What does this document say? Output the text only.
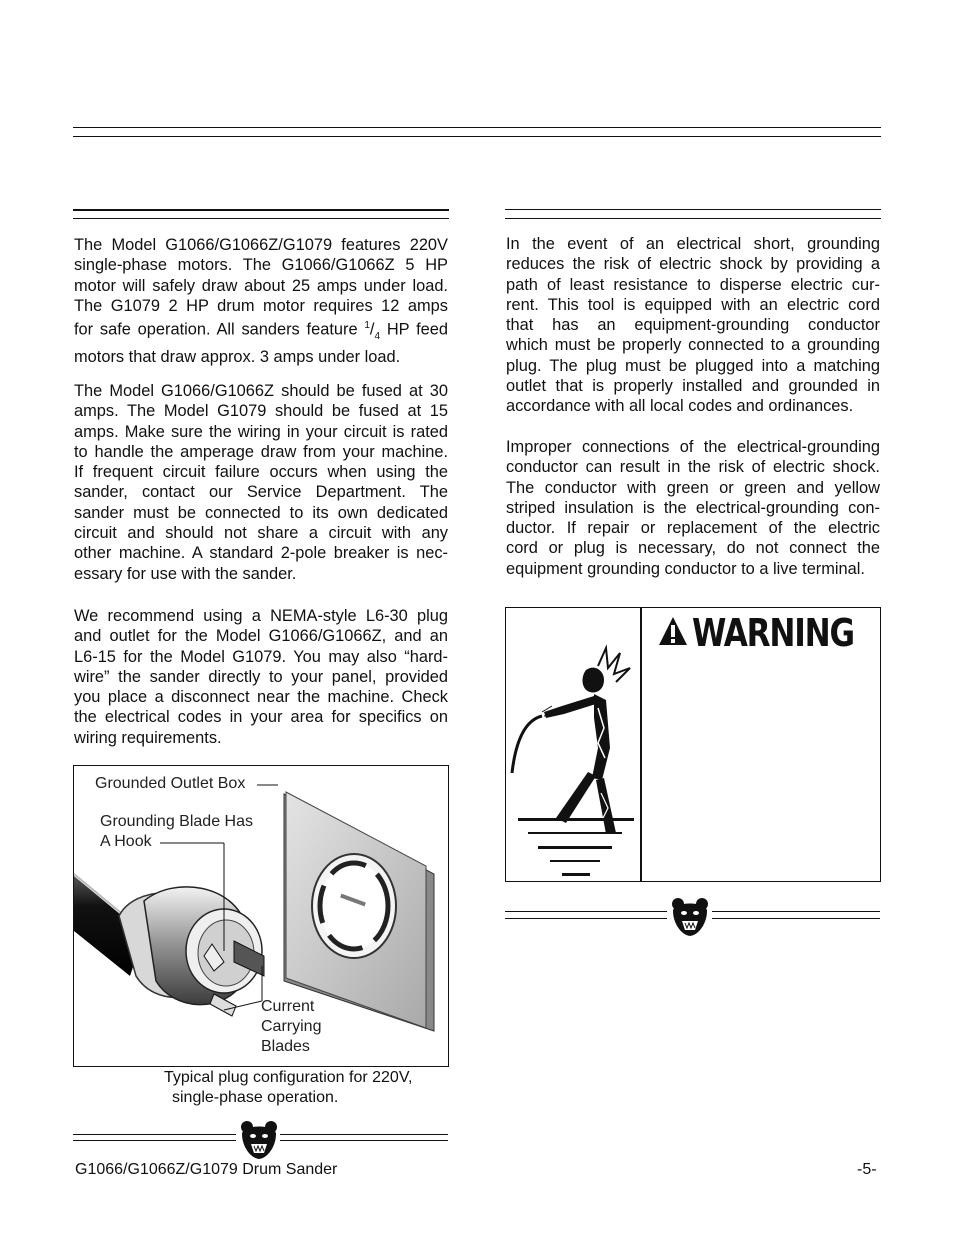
The Model G1066/G1066Z/G1079 features 220V
single-phase motors. The G1066/G1066Z 5 HP
motor will safely draw about 25 amps under load.
The G1079 2 HP drum motor requires 12 amps
for safe operation. All sanders feature $^1/_4$ HP feed
motors that draw approx. 3 amps under load.
The Model G1066/G1066Z should be fused at 30
amps. The Model G1079 should be fused at 15
amps. Make sure the wiring in your circuit is rated
to handle the amperage draw from your machine.
If frequent circuit failure occurs when using the
sander, contact our Service Department. The
sander must be connected to its own dedicated
circuit and should not share a circuit with any
other machine. A standard 2-pole breaker is nec-
essary for use with the sander.
We recommend using a NEMA-style L6-30 plug
and outlet for the Model G1066/G1066Z, and an
L6-15 for the Model G1079. You may also “hard-
wire” the sander directly to your panel, provided
you place a disconnect near the machine. Check
the electrical codes in your area for specifics on
wiring requirements.
Grounded Outlet Box
Grounding Blade Has
A Hook
Current
Carrying
Blades
Typical plug configuration for 220V,
single-phase operation.
In the event of an electrical short, grounding
reduces the risk of electric shock by providing a
path of least resistance to disperse electric cur-
rent. This tool is equipped with an electric cord
that has an equipment-grounding conductor
which must be properly connected to a grounding
plug. The plug must be plugged into a matching
outlet that is properly installed and grounded in
accordance with all local codes and ordinances.
Improper connections of the electrical-grounding
conductor can result in the risk of electric shock.
The conductor with green or green and yellow
striped insulation is the electrical-grounding con-
ductor. If repair or replacement of the electric
cord or plug is necessary, do not connect the
equipment grounding conductor to a live terminal.
WARNING
G1066/G1066Z/G1079 Drum Sander	-5-
